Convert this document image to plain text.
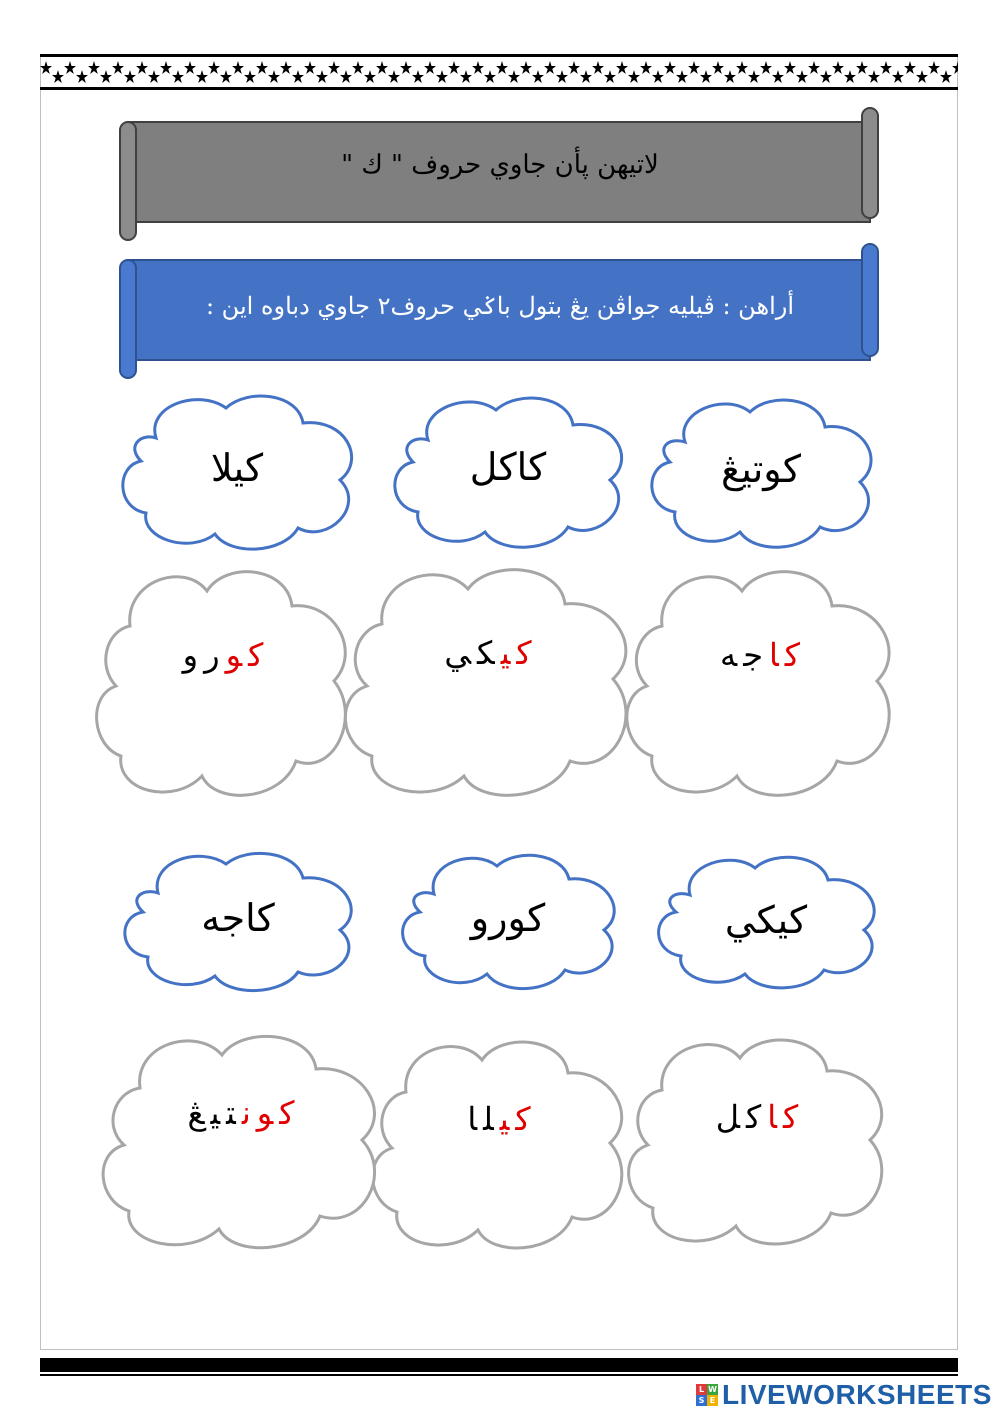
لاتيهن ڽأن جاوي حروف " ك "
أراهن : ڤيليه جواڤن يڠ بتول باݢي حروف٢ جاوي دباوه اين :
كوتيڠ
كاكل
كيلا
كاجه
كيكي
كورو
كيكي
كورو
كاجه
كاكل
كيلا
كونتيڠ
L W
S E LIVEWORKSHEETS
